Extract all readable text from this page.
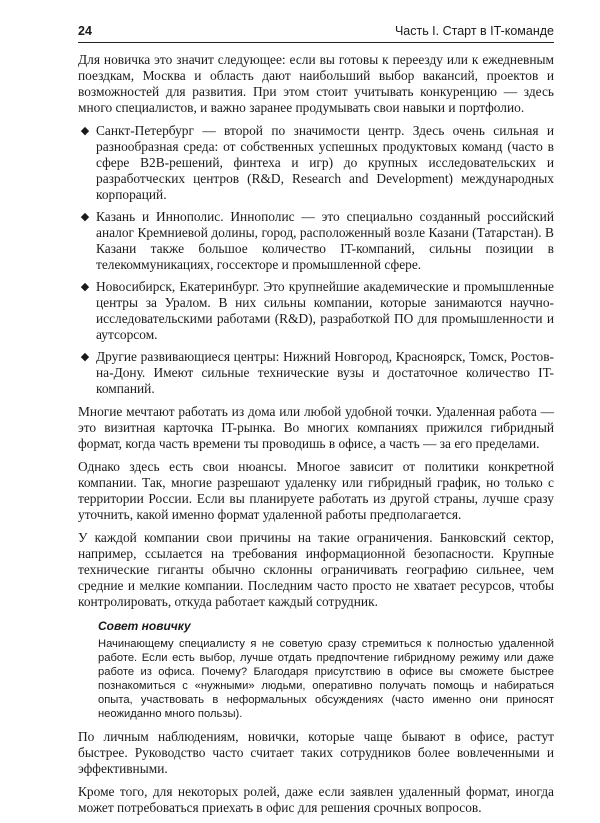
24	Часть I. Старт в IT-команде

Для новичка это значит следующее: если вы готовы к переезду или к ежедневным поездкам, Москва и область дают наибольший выбор вакансий, проектов и возможностей для развития. При этом стоит учитывать конкуренцию — здесь много специалистов, и важно заранее продумывать свои навыки и портфолио.

◆ Санкт-Петербург — второй по значимости центр. Здесь очень сильная и разнообразная среда: от собственных успешных продуктовых команд (часто в сфере B2B-решений, финтеха и игр) до крупных исследовательских и разработческих центров (R&D, Research and Development) международных корпораций.
◆ Казань и Иннополис. Иннополис — это специально созданный российский аналог Кремниевой долины, город, расположенный возле Казани (Татарстан). В Казани также большое количество IT-компаний, сильны позиции в телекоммуникациях, госсекторе и промышленной сфере.
◆ Новосибирск, Екатеринбург. Это крупнейшие академические и промышленные центры за Уралом. В них сильны компании, которые занимаются научно-исследовательскими работами (R&D), разработкой ПО для промышленности и аутсорсом.
◆ Другие развивающиеся центры: Нижний Новгород, Красноярск, Томск, Ростов-на-Дону. Имеют сильные технические вузы и достаточное количество IT-компаний.

Многие мечтают работать из дома или любой удобной точки. Удаленная работа — это визитная карточка IT-рынка. Во многих компаниях прижился гибридный формат, когда часть времени ты проводишь в офисе, а часть — за его пределами.

Однако здесь есть свои нюансы. Многое зависит от политики конкретной компании. Так, многие разрешают удаленку или гибридный график, но только с территории России. Если вы планируете работать из другой страны, лучше сразу уточнить, какой именно формат удаленной работы предполагается.

У каждой компании свои причины на такие ограничения. Банковский сектор, например, ссылается на требования информационной безопасности. Крупные технические гиганты обычно склонны ограничивать географию сильнее, чем средние и мелкие компании. Последним часто просто не хватает ресурсов, чтобы контролировать, откуда работает каждый сотрудник.

Совет новичку

Начинающему специалисту я не советую сразу стремиться к полностью удаленной работе. Если есть выбор, лучше отдать предпочтение гибридному режиму или даже работе из офиса. Почему? Благодаря присутствию в офисе вы сможете быстрее познакомиться с «нужными» людьми, оперативно получать помощь и набираться опыта, участвовать в неформальных обсуждениях (часто именно они приносят неожиданно много пользы).

По личным наблюдениям, новички, которые чаще бывают в офисе, растут быстрее. Руководство часто считает таких сотрудников более вовлеченными и эффективными.

Кроме того, для некоторых ролей, даже если заявлен удаленный формат, иногда может потребоваться приехать в офис для решения срочных вопросов.
